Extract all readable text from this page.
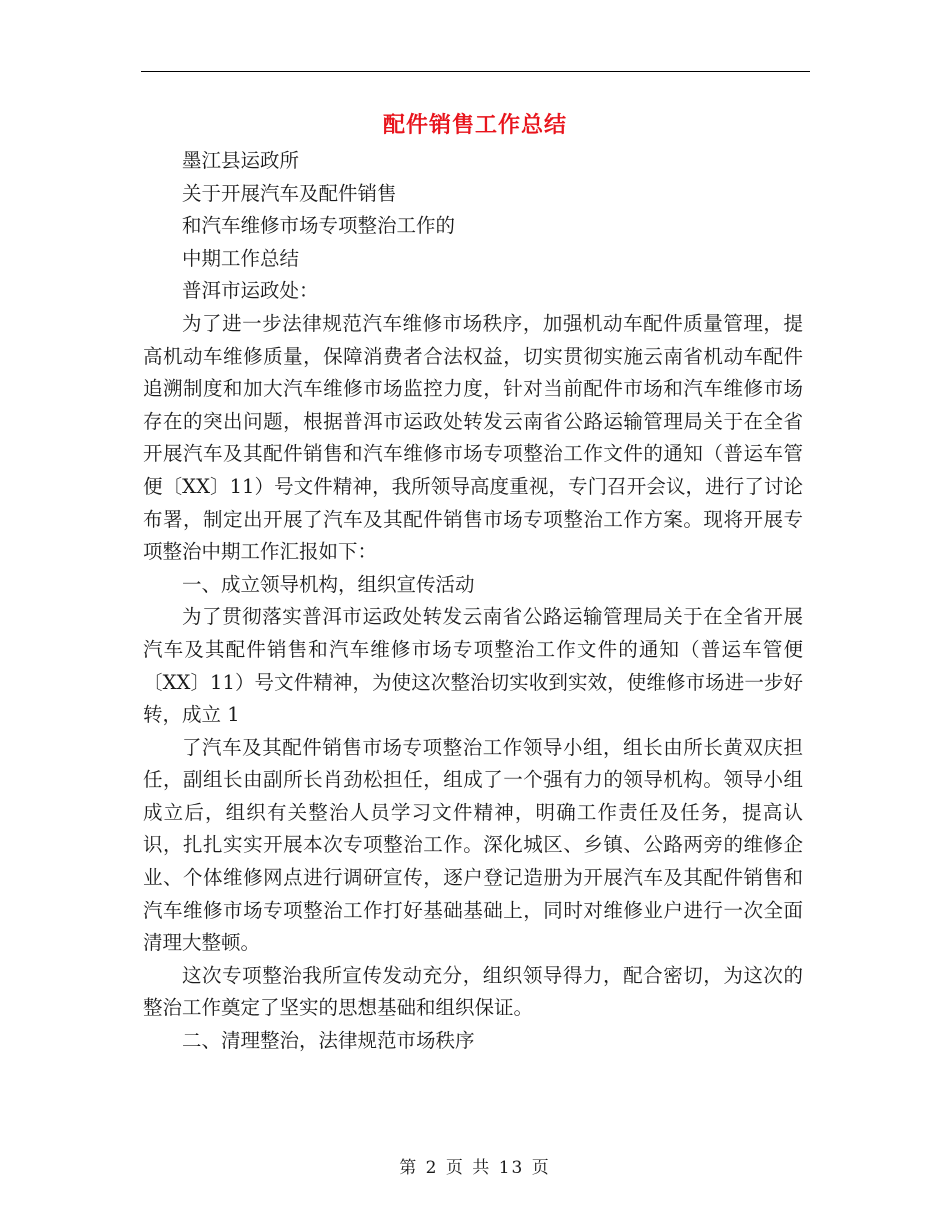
配件销售工作总结

墨江县运政所

关于开展汽车及配件销售

和汽车维修市场专项整治工作的

中期工作总结

普洱市运政处：

为了进一步法律规范汽车维修市场秩序，加强机动车配件质量管理，提高机动车维修质量，保障消费者合法权益，切实贯彻实施云南省机动车配件追溯制度和加大汽车维修市场监控力度，针对当前配件市场和汽车维修市场存在的突出问题，根据普洱市运政处转发云南省公路运输管理局关于在全省开展汽车及其配件销售和汽车维修市场专项整治工作文件的通知（普运车管便〔XX〕11）号文件精神，我所领导高度重视，专门召开会议，进行了讨论布署，制定出开展了汽车及其配件销售市场专项整治工作方案。现将开展专项整治中期工作汇报如下：

一、成立领导机构，组织宣传活动

为了贯彻落实普洱市运政处转发云南省公路运输管理局关于在全省开展汽车及其配件销售和汽车维修市场专项整治工作文件的通知（普运车管便〔XX〕11）号文件精神，为使这次整治切实收到实效，使维修市场进一步好转，成立 1

了汽车及其配件销售市场专项整治工作领导小组，组长由所长黄双庆担任，副组长由副所长肖劲松担任，组成了一个强有力的领导机构。领导小组成立后，组织有关整治人员学习文件精神，明确工作责任及任务，提高认识，扎扎实实开展本次专项整治工作。深化城区、乡镇、公路两旁的维修企业、个体维修网点进行调研宣传，逐户登记造册为开展汽车及其配件销售和汽车维修市场专项整治工作打好基础基础上，同时对维修业户进行一次全面清理大整顿。

这次专项整治我所宣传发动充分，组织领导得力，配合密切，为这次的整治工作奠定了坚实的思想基础和组织保证。

二、清理整治，法律规范市场秩序

第 2 页 共 13 页
